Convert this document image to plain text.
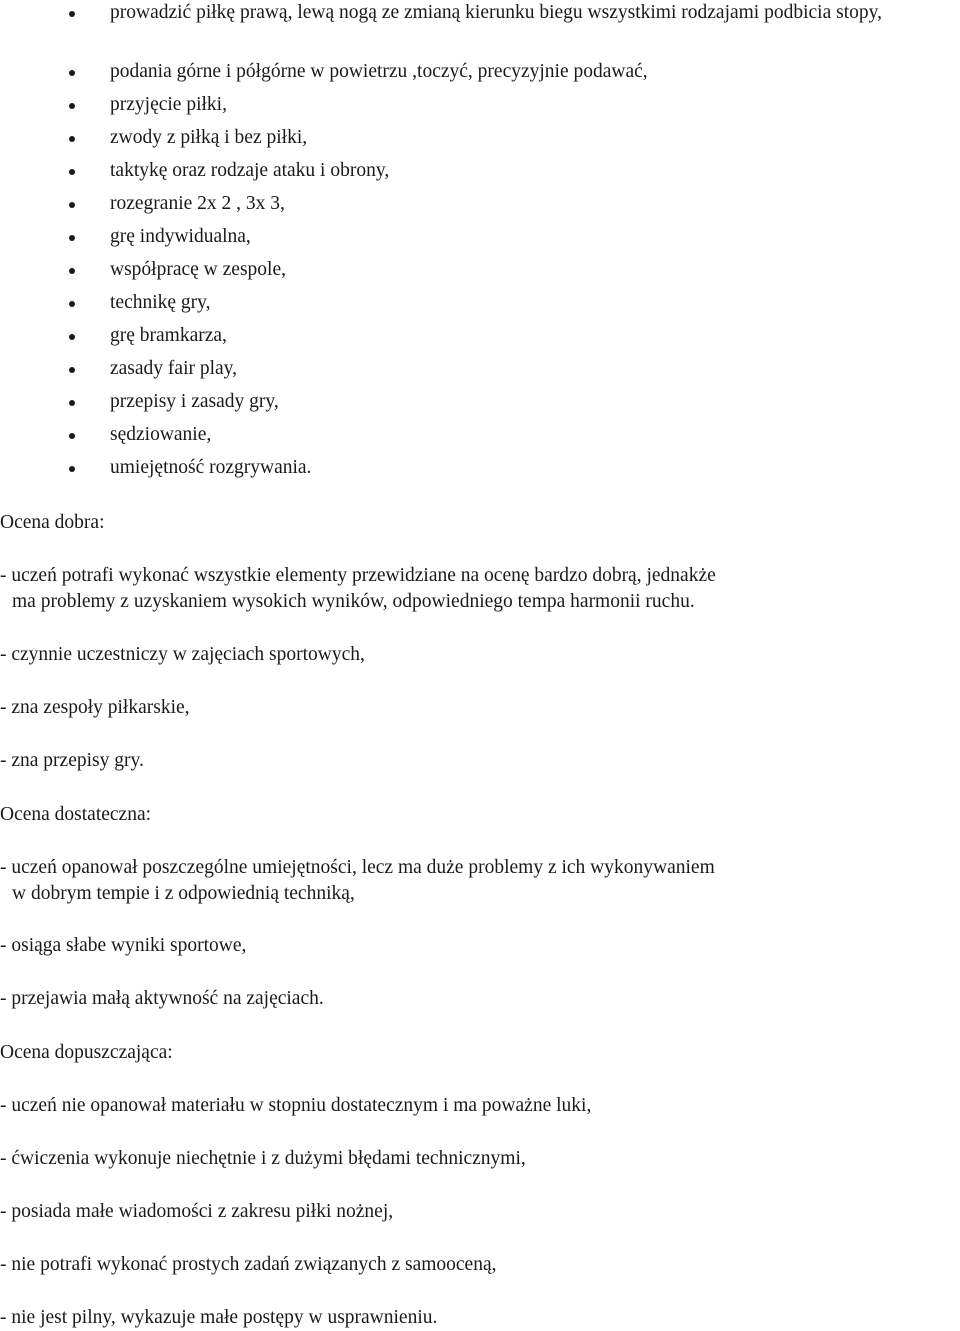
prowadzić piłkę prawą, lewą nogą ze zmianą kierunku biegu wszystkimi rodzajami podbicia stopy,
podania górne i półgórne w powietrzu ,toczyć, precyzyjnie podawać,
przyjęcie piłki,
zwody z piłką i bez piłki,
taktykę oraz rodzaje ataku i obrony,
rozegranie 2x 2 , 3x 3,
grę indywidualna,
współpracę w zespole,
technikę gry,
grę bramkarza,
zasady fair play,
przepisy i zasady gry,
sędziowanie,
umiejętność rozgrywania.
Ocena dobra:
- uczeń potrafi wykonać wszystkie elementy przewidziane na ocenę bardzo dobrą, jednakże
ma problemy z uzyskaniem wysokich wyników, odpowiedniego tempa harmonii ruchu.
- czynnie uczestniczy w zajęciach sportowych,
- zna zespoły piłkarskie,
- zna przepisy gry.
Ocena dostateczna:
- uczeń opanował poszczególne umiejętności, lecz ma duże problemy z ich wykonywaniem
w dobrym tempie i z odpowiednią techniką,
- osiąga słabe wyniki sportowe,
- przejawia małą aktywność na zajęciach.
Ocena dopuszczająca:
- uczeń nie opanował materiału w stopniu dostatecznym i ma poważne luki,
- ćwiczenia wykonuje niechętnie i z dużymi błędami technicznymi,
- posiada małe wiadomości z zakresu piłki nożnej,
- nie potrafi wykonać prostych zadań związanych z samooceną,
- nie jest pilny, wykazuje małe postępy w usprawnieniu.
